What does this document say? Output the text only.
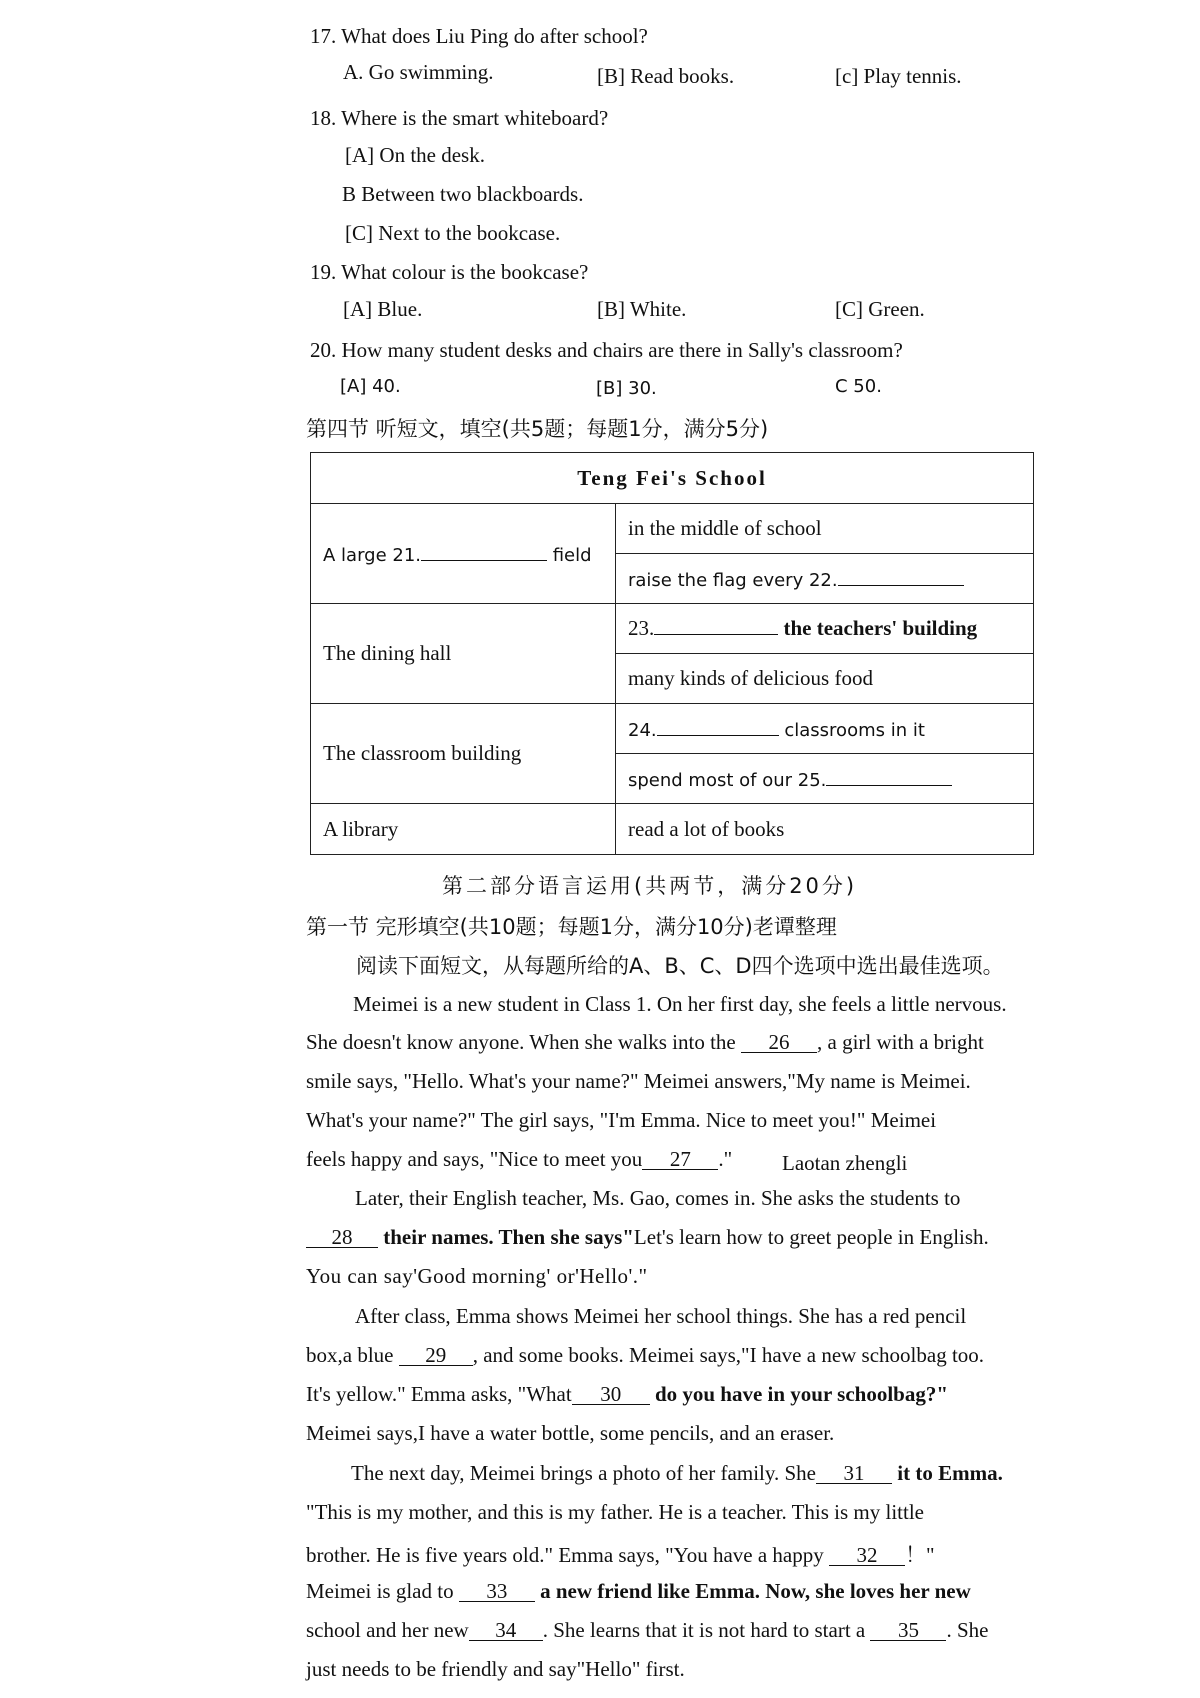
17. What does Liu Ping do after school?
A. Go swimming.	[B] Read books.	[c] Play tennis.
18. Where is the smart whiteboard?
[A] On the desk.
B Between two blackboards.
[C] Next to the bookcase.
19. What colour is the bookcase?
[A] Blue.	[B] White.	[C] Green.
20. How many student desks and chairs are there in Sally's classroom?
[A] 40.	[B] 30.	C 50.
第四节 听短文，填空(共5题；每题1分，满分5分)
Teng Fei's School	
A large 21. field	in the middle of school
	raise the flag every 22.
The dining hall	23. the teachers' building
	many kinds of delicious food
The classroom building	24. classrooms in it
	spend most of our 25.
A library	read a lot of books
第二部分语言运用(共两节，满分20分)
第一节 完形填空(共10题；每题1分，满分10分)老谭整理
阅读下面短文，从每题所给的A、B、C、D四个选项中选出最佳选项。
Meimei is a new student in Class 1. On her first day, she feels a little nervous.
She doesn't know anyone. When she walks into the 26 , a girl with a bright
smile says, "Hello. What's your name?" Meimei answers,"My name is Meimei.
What's your name?" The girl says, "I'm Emma. Nice to meet you!" Meimei
feels happy and says, "Nice to meet you 27 ." Laotan zhengli
Later, their English teacher, Ms. Gao, comes in. She asks the students to
28 their names. Then she says"Let's learn how to greet people in English.
You can say'Good morning' or'Hello'."
After class, Emma shows Meimei her school things. She has a red pencil
box,a blue 29 , and some books. Meimei says,"I have a new schoolbag too.
It's yellow." Emma asks, "What 30 do you have in your schoolbag?"
Meimei says,I have a water bottle, some pencils, and an eraser.
The next day, Meimei brings a photo of her family. She 31 it to Emma.
"This is my mother, and this is my father. He is a teacher. This is my little
brother. He is five years old." Emma says, "You have a happy 32 ！"
Meimei is glad to 33 a new friend like Emma. Now, she loves her new
school and her new 34 . She learns that it is not hard to start a 35 . She
just needs to be friendly and say"Hello" first.
